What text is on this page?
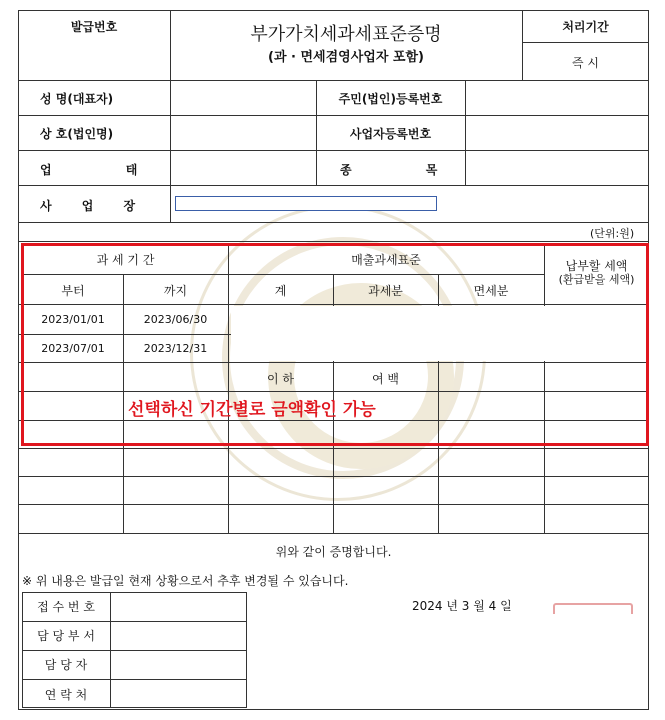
발급번호	부가가치세과세표준증명
(과 · 면세겸영사업자 포함)
처리기간
즉 시
성 명(대표자)	주민(법인)등록번호
상 호(법인명)	사업자등록번호
업 태	종 목
사 업 장
(단위:원)
과 세 기 간	매출과세표준	납부할 세액
(환급받을 세액)
부터	까지	계	과세분	면세분
2023/01/01	2023/06/30
2023/07/01	2023/12/31
이 하	여 백
선택하신 기간별로 금액확인 가능
위와 같이 증명합니다.
※ 위 내용은 발급일 현재 상황으로서 추후 변경될 수 있습니다.
접 수 번 호
담 당 부 서
담 당 자
연 락 처
2024 년 3 월 4 일
